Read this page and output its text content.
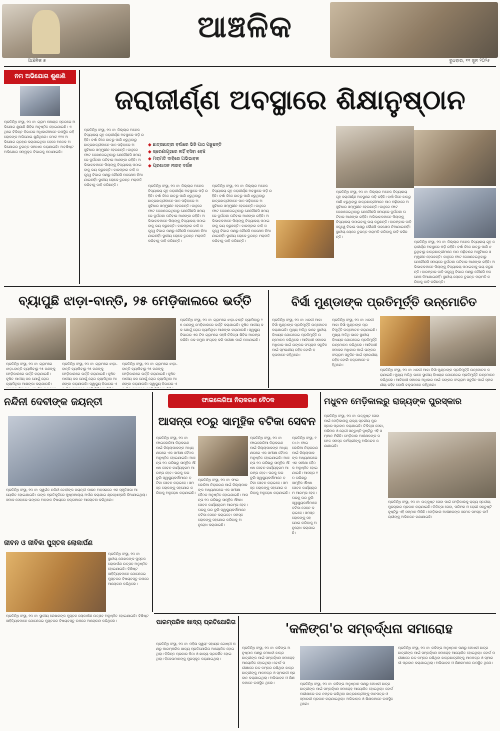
ଆଞ୍ଚଳିକ
ଆଞ୍ଚଳିକ ୭	ବୁଧବାର, ୧୧ ଜୁନ ୨୦୨୫
ନମ ଅଭିଯୋଗ ଶୁଣାଣି
ପ୍ରତିନିଧି ସଂସ୍ଥା, ୧୦।୬: ଗ୍ରାମ ପଞ୍ଚାୟତ ସ୍ତରରେ ଅଭିଯୋଗ ଶୁଣାଣି ଶିବିର ଅନୁଷ୍ଠିତ ହୋଇଯାଇଛି। ଏଥିରେ ବିଭିନ୍ନ ବିଭାଗର ଅଧିକାରୀମାନେ ଉପସ୍ଥିତ ରହି ଲୋକଙ୍କ ଅଭିଯୋଗ ଶୁଣିଥିଲେ। ମୋଟ ୧୧୭ ଅଭିଯୋଗ ଗ୍ରହଣ କରାଯାଇଥିବା ବେଳେ ଅନେକ ଅଭିଯୋଗର ତୁରନ୍ତ ସମାଧାନ କରାଯାଇଛି। ଅବଶିଷ୍ଟ ଅଭିଯୋଗ ସମ୍ପୃକ୍ତ ବିଭାଗକୁ ପଠାଯାଇଛି।
ଜରାଜୀର୍ଣ୍ଣ ଅବସ୍ଥାରେ ଶିକ୍ଷାନୁଷ୍ଠାନ
ପ୍ରତିନିଧି ସଂସ୍ଥା, ୧୦।୬: ଜିଲ୍ଲାର ଅନେକ ବିଦ୍ୟାଳୟ ଗୃହ ଜରାଜୀର୍ଣ୍ଣ ଅବସ୍ଥାରେ ପଡ଼ି ରହିଛି। ବର୍ଷା ଦିନେ ଛାତରୁ ପାଣି ଝରୁଥିବାରୁ ଛାତ୍ରଛାତ୍ରୀମାନେ ପାଠ ପଢ଼ିବାରେ ଅସୁବିଧାର ସମ୍ମୁଖୀନ ହେଉଛନ୍ତି। କାନ୍ଥରେ ଫାଟ ଦେଖାଦେଇଥିବାରୁ ଯେକୌଣସି ସମୟରେ ଦୁର୍ଘଟଣା ଘଟିବାର ଆଶଙ୍କା ରହିଛି। ଅଭିଭାବକମାନେ ପିଲାଙ୍କୁ ବିଦ୍ୟାଳୟ ପଠାଇବାକୁ ଭୟ କରୁଛନ୍ତି। ବାରମ୍ବାର ଦାବି ସତ୍ତ୍ୱେ ବିଭାଗ ପକ୍ଷରୁ କୌଣସି ପଦକ୍ଷେପ ନିଆଯାଇନାହିଁ। ସ୍ଥାନୀୟ ଲୋକେ ତୁରନ୍ତ ମରାମତି କରିବାକୁ ଦାବି କରିଛନ୍ତି।
◆ ଛାତ୍ରଛାତ୍ରୀ ବର୍ଷାରେ ଭିଜି ପାଠ ପଢୁଛନ୍ତି
◆ ଶ୍ରେଣୀଗୃହରେ ନାହିଁ ବସିବା ବେଞ୍ଚ
◆ ମରାମତି ଦାବିରେ ଅଭିଭାବକ
◆ ପ୍ରଶାସନ ନୀରବ ଦର୍ଶକ
ପ୍ରତିନିଧି ସଂସ୍ଥା, ୧୦।୬: ଜିଲ୍ଲାର ଅନେକ ବିଦ୍ୟାଳୟ ଗୃହ ଜରାଜୀର୍ଣ୍ଣ ଅବସ୍ଥାରେ ପଡ଼ି ରହିଛି। ବର୍ଷା ଦିନେ ଛାତରୁ ପାଣି ଝରୁଥିବାରୁ ଛାତ୍ରଛାତ୍ରୀମାନେ ପାଠ ପଢ଼ିବାରେ ଅସୁବିଧାର ସମ୍ମୁଖୀନ ହେଉଛନ୍ତି। କାନ୍ଥରେ ଫାଟ ଦେଖାଦେଇଥିବାରୁ ଯେକୌଣସି ସମୟରେ ଦୁର୍ଘଟଣା ଘଟିବାର ଆଶଙ୍କା ରହିଛି। ଅଭିଭାବକମାନେ ପିଲାଙ୍କୁ ବିଦ୍ୟାଳୟ ପଠାଇବାକୁ ଭୟ କରୁଛନ୍ତି। ବାରମ୍ବାର ଦାବି ସତ୍ତ୍ୱେ ବିଭାଗ ପକ୍ଷରୁ କୌଣସି ପଦକ୍ଷେପ ନିଆଯାଇନାହିଁ। ସ୍ଥାନୀୟ ଲୋକେ ତୁରନ୍ତ ମରାମତି କରିବାକୁ ଦାବି କରିଛନ୍ତି।
ପ୍ରତିନିଧି ସଂସ୍ଥା, ୧୦।୬: ଜିଲ୍ଲାର ଅନେକ ବିଦ୍ୟାଳୟ ଗୃହ ଜରାଜୀର୍ଣ୍ଣ ଅବସ୍ଥାରେ ପଡ଼ି ରହିଛି। ବର୍ଷା ଦିନେ ଛାତରୁ ପାଣି ଝରୁଥିବାରୁ ଛାତ୍ରଛାତ୍ରୀମାନେ ପାଠ ପଢ଼ିବାରେ ଅସୁବିଧାର ସମ୍ମୁଖୀନ ହେଉଛନ୍ତି। କାନ୍ଥରେ ଫାଟ ଦେଖାଦେଇଥିବାରୁ ଯେକୌଣସି ସମୟରେ ଦୁର୍ଘଟଣା ଘଟିବାର ଆଶଙ୍କା ରହିଛି। ଅଭିଭାବକମାନେ ପିଲାଙ୍କୁ ବିଦ୍ୟାଳୟ ପଠାଇବାକୁ ଭୟ କରୁଛନ୍ତି। ବାରମ୍ବାର ଦାବି ସତ୍ତ୍ୱେ ବିଭାଗ ପକ୍ଷରୁ କୌଣସି ପଦକ୍ଷେପ ନିଆଯାଇନାହିଁ। ସ୍ଥାନୀୟ ଲୋକେ ତୁରନ୍ତ ମରାମତି କରିବାକୁ ଦାବି କରିଛନ୍ତି।
ପ୍ରତିନିଧି ସଂସ୍ଥା, ୧୦।୬: ଜିଲ୍ଲାର ଅନେକ ବିଦ୍ୟାଳୟ ଗୃହ ଜରାଜୀର୍ଣ୍ଣ ଅବସ୍ଥାରେ ପଡ଼ି ରହିଛି। ବର୍ଷା ଦିନେ ଛାତରୁ ପାଣି ଝରୁଥିବାରୁ ଛାତ୍ରଛାତ୍ରୀମାନେ ପାଠ ପଢ଼ିବାରେ ଅସୁବିଧାର ସମ୍ମୁଖୀନ ହେଉଛନ୍ତି। କାନ୍ଥରେ ଫାଟ ଦେଖାଦେଇଥିବାରୁ ଯେକୌଣସି ସମୟରେ ଦୁର୍ଘଟଣା ଘଟିବାର ଆଶଙ୍କା ରହିଛି। ଅଭିଭାବକମାନେ ପିଲାଙ୍କୁ ବିଦ୍ୟାଳୟ ପଠାଇବାକୁ ଭୟ କରୁଛନ୍ତି। ବାରମ୍ବାର ଦାବି ସତ୍ତ୍ୱେ ବିଭାଗ ପକ୍ଷରୁ କୌଣସି ପଦକ୍ଷେପ ନିଆଯାଇନାହିଁ। ସ୍ଥାନୀୟ ଲୋକେ ତୁରନ୍ତ ମରାମତି କରିବାକୁ ଦାବି କରିଛନ୍ତି।
ପ୍ରତିନିଧି ସଂସ୍ଥା, ୧୦।୬: ଜିଲ୍ଲାର ଅନେକ ବିଦ୍ୟାଳୟ ଗୃହ ଜରାଜୀର୍ଣ୍ଣ ଅବସ୍ଥାରେ ପଡ଼ି ରହିଛି। ବର୍ଷା ଦିନେ ଛାତରୁ ପାଣି ଝରୁଥିବାରୁ ଛାତ୍ରଛାତ୍ରୀମାନେ ପାଠ ପଢ଼ିବାରେ ଅସୁବିଧାର ସମ୍ମୁଖୀନ ହେଉଛନ୍ତି। କାନ୍ଥରେ ଫାଟ ଦେଖାଦେଇଥିବାରୁ ଯେକୌଣସି ସମୟରେ ଦୁର୍ଘଟଣା ଘଟିବାର ଆଶଙ୍କା ରହିଛି। ଅଭିଭାବକମାନେ ପିଲାଙ୍କୁ ବିଦ୍ୟାଳୟ ପଠାଇବାକୁ ଭୟ କରୁଛନ୍ତି। ବାରମ୍ବାର ଦାବି ସତ୍ତ୍ୱେ ବିଭାଗ ପକ୍ଷରୁ କୌଣସି ପଦକ୍ଷେପ ନିଆଯାଇନାହିଁ। ସ୍ଥାନୀୟ ଲୋକେ ତୁରନ୍ତ ମରାମତି କରିବାକୁ ଦାବି କରିଛନ୍ତି।
ବ୍ୟାପୁଛି ଝାଡ଼ା-ବାନ୍ତି, ୨୫ ମେଡ଼ିକାଲରେ ଭର୍ତ୍ତି
ପ୍ରତିନିଧି ସଂସ୍ଥା, ୧୦।୬: ଗ୍ରାମରେ ଝାଡ଼ା-ବାନ୍ତି ବ୍ୟାପିବାରୁ ୨୫ ଜଣଙ୍କୁ ମେଡ଼ିକାଲରେ ଭର୍ତ୍ତି କରାଯାଇଛି। ଦୂଷିତ ପାନୀୟ ଜଳ ଯୋଗୁଁ ରୋଗ ବ୍ୟାପିଥିବା ଆଶଙ୍କା କରାଯାଉଛି।
ପ୍ରତିନିଧି ସଂସ୍ଥା, ୧୦।୬: ଗ୍ରାମରେ ଝାଡ଼ା-ବାନ୍ତି ବ୍ୟାପିବାରୁ ୨୫ ଜଣଙ୍କୁ ମେଡ଼ିକାଲରେ ଭର୍ତ୍ତି କରାଯାଇଛି। ଦୂଷିତ ପାନୀୟ ଜଳ ଯୋଗୁଁ ରୋଗ ବ୍ୟାପିଥିବା ଆଶଙ୍କା କରାଯାଉଛି। ସ୍ୱାସ୍ଥ୍ୟ ବିଭାଗର ଏ
ପ୍ରତିନିଧି ସଂସ୍ଥା, ୧୦।୬: ଗ୍ରାମରେ ଝାଡ଼ା-ବାନ୍ତି ବ୍ୟାପିବାରୁ ୨୫ ଜଣଙ୍କୁ ମେଡ଼ିକାଲରେ ଭର୍ତ୍ତି କରାଯାଇଛି। ଦୂଷିତ ପାନୀୟ ଜଳ ଯୋଗୁଁ ରୋଗ ବ୍ୟାପିଥିବା ଆଶଙ୍କା କରାଯାଉଛି। ସ୍ୱାସ୍ଥ୍ୟ ବିଭାଗର ଏ
ପ୍ରତିନିଧି ସଂସ୍ଥା, ୧୦।୬: ଗ୍ରାମରେ ଝାଡ଼ା-ବାନ୍ତି ବ୍ୟାପିବାରୁ ୨୫ ଜଣଙ୍କୁ ମେଡ଼ିକାଲରେ ଭର୍ତ୍ତି କରାଯାଇଛି। ଦୂଷିତ ପାନୀୟ ଜଳ ଯୋଗୁଁ ରୋଗ ବ୍ୟାପିଥିବା ଆଶଙ୍କା କରାଯାଉଛି। ସ୍ୱାସ୍ଥ୍ୟ ବିଭାଗର ଏକ ଟିମ ଗ୍ରାମରେ ପହଞ୍ଚି ଚିକିତ୍ସା ଶିବିର ଆରମ୍ଭ କରିଛି। ଜଳ ନମୁନା ସଂଗ୍ରହ କରି ପରୀକ୍ଷା ପାଇଁ ପଠାଯାଇଛି।
ବିର୍ସା ମୁଣ୍ଡାଙ୍କ ପ୍ରତିମୂର୍ତ୍ତି ଉନ୍ମୋଚିତ
ପ୍ରତିନିଧି ସଂସ୍ଥା, ୧୦।୬: ଧରତୀ ଆବା ବିର୍ସା ମୁଣ୍ଡାଙ୍କ ପ୍ରତିମୂର୍ତ୍ତି ଉନ୍ମୋଚନ କରାଯାଇଛି। ମୁଖ୍ୟ ଅତିଥି ଭାବେ ସ୍ଥାନୀୟ ବିଧାୟକ ଯୋଗଦେଇ ପ୍ରତିମୂର୍ତ୍ତି ଉନ୍ମୋଚନ କରିଥିଲେ। ଆଦିବାସୀ ସମାଜର ଅଧିକାର ପାଇଁ ତାଙ୍କର ସଂଗ୍ରାମ ସବୁଦିନ ପାଇଁ ସ୍ମରଣୀୟ ରହିବ ବୋଲି ବକ୍ତାମାନେ କହିଥିଲେ।
ପ୍ରତିନିଧି ସଂସ୍ଥା, ୧୦।୬: ଧରତୀ ଆବା ବିର୍ସା ମୁଣ୍ଡାଙ୍କ ପ୍ରତିମୂର୍ତ୍ତି ଉନ୍ମୋଚନ କରାଯାଇଛି। ମୁଖ୍ୟ ଅତିଥି ଭାବେ ସ୍ଥାନୀୟ ବିଧାୟକ ଯୋଗଦେଇ ପ୍ରତିମୂର୍ତ୍ତି ଉନ୍ମୋଚନ କରିଥିଲେ। ଆଦିବାସୀ ସମାଜର ଅଧିକାର ପାଇଁ ତାଙ୍କର ସଂଗ୍ରାମ ସବୁଦିନ ପାଇଁ ସ୍ମରଣୀୟ ରହିବ ବୋଲି ବକ୍ତାମାନେ କହିଥିଲେ।
ପ୍ରତିନିଧି ସଂସ୍ଥା, ୧୦।୬: ଧରତୀ ଆବା ବିର୍ସା ମୁଣ୍ଡାଙ୍କ ପ୍ରତିମୂର୍ତ୍ତି ଉନ୍ମୋଚନ କରାଯାଇଛି। ମୁଖ୍ୟ ଅତିଥି ଭାବେ ସ୍ଥାନୀୟ ବିଧାୟକ ଯୋଗଦେଇ ପ୍ରତିମୂର୍ତ୍ତି ଉନ୍ମୋଚନ କରିଥିଲେ। ଆଦିବାସୀ ସମାଜର ଅଧିକାର ପାଇଁ ତାଙ୍କର ସଂଗ୍ରାମ ସବୁଦିନ ପାଇଁ ସ୍ମରଣୀୟ ରହିବ ବୋଲି ବକ୍ତାମାନେ କହିଥିଲେ।
ନନ୍ଦିନୀ ଦେବୀଙ୍କ ଜୟନ୍ତୀ
ପ୍ରତିନିଧି ସଂସ୍ଥା, ୧୦।୬: ସ୍ୱର୍ଗତ ନନ୍ଦିନୀ ଦେବୀଙ୍କ ଜୟନ୍ତୀ ପାଳନ ଅବସରରେ ଏକ ସ୍ମୃତିସଭା ଆୟୋଜିତ ହୋଇଯାଇଛି। ତାଙ୍କ ପ୍ରତିକୃତିରେ ପୁଷ୍ପମାଲ୍ୟ ଅର୍ପଣ କରାଯାଇ ଶ୍ରଦ୍ଧାଞ୍ଜଳି ଦିଆଯାଇଥିଲା। ସମାଜ ସେବାରେ ତାଙ୍କର ଅବଦାନ ବିଷୟରେ ବକ୍ତାମାନେ ଆଲୋଚନା କରିଥିଲେ।
ଫାଇଲେରିଆ ନିରାକରଣ ବୈଠକ
ଆସନ୍ତା ୧୦ରୁ ସାମୂହିକ ବଟିକା ସେବନ
ପ୍ରତିନିଧି ସଂସ୍ଥା, ୧୦।୬: ଫାଇଲେରିଆ ନିରାକରଣ ପାଇଁ ଜିଲ୍ଲାପାଳଙ୍କ ଅଧ୍ୟକ୍ଷତାରେ ଏକ ସମୀକ୍ଷା ବୈଠକ ଅନୁଷ୍ଠିତ ହୋଇଯାଇଛି। ଆସନ୍ତା ୧୦ ତାରିଖରୁ ସାମୂହିକ ଔଷଧ ସେବନ କାର୍ଯ୍ୟକ୍ରମ ଆରମ୍ଭ ହେବ। ଘରକୁ ଘର ବୁଲି ସ୍ୱାସ୍ଥ୍ୟକର୍ମୀମାନେ ବଟିକା ସେବନ କରାଇବେ। ସମସ୍ତ ଲୋକଙ୍କୁ ସହଯୋଗ କରିବାକୁ ଅନୁରୋଧ କରାଯାଇଛି।
ପ୍ରତିନିଧି ସଂସ୍ଥା, ୧୦।୬: ଫାଇଲେରିଆ ନିରାକରଣ ପାଇଁ ଜିଲ୍ଲାପାଳଙ୍କ ଅଧ୍ୟକ୍ଷତାରେ ଏକ ସମୀକ୍ଷା ବୈଠକ ଅନୁଷ୍ଠିତ ହୋଇଯାଇଛି। ଆସନ୍ତା ୧୦ ତାରିଖରୁ ସାମୂହିକ ଔଷଧ ସେବନ କାର୍ଯ୍ୟକ୍ରମ ଆରମ୍ଭ ହେବ। ଘରକୁ ଘର ବୁଲି ସ୍ୱାସ୍ଥ୍ୟକର୍ମୀମାନେ ବଟିକା ସେବନ କରାଇବେ। ସମସ୍ତ ଲୋକଙ୍କୁ ସହଯୋଗ କରିବାକୁ ଅନୁରୋଧ କରାଯାଇଛି।
ପ୍ରତିନିଧି ସଂସ୍ଥା, ୧୦।୬: ଫାଇଲେରିଆ ନିରାକରଣ ପାଇଁ ଜିଲ୍ଲାପାଳଙ୍କ ଅଧ୍ୟକ୍ଷତାରେ ଏକ ସମୀକ୍ଷା ବୈଠକ ଅନୁଷ୍ଠିତ ହୋଇଯାଇଛି। ଆସନ୍ତା ୧୦ ତାରିଖରୁ ସାମୂହିକ ଔଷଧ ସେବନ କାର୍ଯ୍ୟକ୍ରମ ଆରମ୍ଭ ହେବ। ଘରକୁ ଘର ବୁଲି ସ୍ୱାସ୍ଥ୍ୟକର୍ମୀମାନେ ବଟିକା ସେବନ କରାଇବେ। ସମସ୍ତ ଲୋକଙ୍କୁ ସହଯୋଗ କରିବାକୁ ଅନୁରୋଧ କରାଯାଇଛି।
ପ୍ରତିନିଧି ସଂସ୍ଥା, ୧୦।୬: ଫାଇଲେରିଆ ନିରାକରଣ ପାଇଁ ଜିଲ୍ଲାପାଳଙ୍କ ଅଧ୍ୟକ୍ଷତାରେ ଏକ ସମୀକ୍ଷା ବୈଠକ ଅନୁଷ୍ଠିତ ହୋଇଯାଇଛି। ଆସନ୍ତା ୧୦ ତାରିଖରୁ ସାମୂହିକ ଔଷଧ ସେବନ କାର୍ଯ୍ୟକ୍ରମ ଆରମ୍ଭ ହେବ। ଘରକୁ ଘର ବୁଲି ସ୍ୱାସ୍ଥ୍ୟକର୍ମୀମାନେ ବଟିକା ସେବନ କରାଇବେ। ସମସ୍ତ ଲୋକଙ୍କୁ ସହଯୋଗ କରିବାକୁ ଅନୁରୋଧ କରାଯାଇଛି।
ମଧୁବନ ମେଡ଼ିକାଲରୁ ରାଜ୍ୟଙ୍କ ପୁରସ୍କାର
ପ୍ରତିନିଧି ସଂସ୍ଥା, ୧୦।୬: ଉତ୍କୃଷ୍ଟ ସେବା ପାଇଁ ମେଡ଼ିକାଲକୁ ରାଜ୍ୟ ସ୍ତରୀୟ ପୁରସ୍କାର ପ୍ରଦାନ କରାଯାଇଛି। ଚିକିତ୍ସା ସେବା, ପରିମଳ ଓ ରୋଗୀ ସନ୍ତୁଷ୍ଟି ଦୃଷ୍ଟିରୁ ଏହି ସମ୍ମାନ ମିଳିଛି। ମେଡ଼ିକାଲ ଅଧୀକ୍ଷକଙ୍କ ସମେତ ସମସ୍ତ କର୍ମଚାରୀଙ୍କୁ ଅଭିନନ୍ଦନ ଜଣାଯାଇଛି।
ପ୍ରତିନିଧି ସଂସ୍ଥା, ୧୦।୬: ଉତ୍କୃଷ୍ଟ ସେବା ପାଇଁ ମେଡ଼ିକାଲକୁ ରାଜ୍ୟ ସ୍ତରୀୟ ପୁରସ୍କାର ପ୍ରଦାନ କରାଯାଇଛି। ଚିକିତ୍ସା ସେବା, ପରିମଳ ଓ ରୋଗୀ ସନ୍ତୁଷ୍ଟି ଦୃଷ୍ଟିରୁ ଏହି ସମ୍ମାନ ମିଳିଛି। ମେଡ଼ିକାଲ ଅଧୀକ୍ଷକଙ୍କ ସମେତ ସମସ୍ତ କର୍ମଚାରୀଙ୍କୁ ଅଭିନନ୍ଦନ ଜଣାଯାଇଛି।
ଜୀବନ ଓ ଜୀବିକା ପୁସ୍ତକ ଲୋକାର୍ପଣ
ପ୍ରତିନିଧି ସଂସ୍ଥା, ୧୦।୬: ସ୍ଥାନୀୟ ଲେଖକଙ୍କ ପୁସ୍ତକ ଲୋକାର୍ପଣ ଉତ୍ସବ ଅନୁଷ୍ଠିତ ହୋଇଯାଇଛି। ବିଶିଷ୍ଟ ସାହିତ୍ୟିକମାନେ ଯୋଗଦେଇ ପୁସ୍ତକର ବିଷୟବସ୍ତୁ ଉପରେ ଆଲୋଚନା କରିଥିଲେ।
ପ୍ରତିନିଧି ସଂସ୍ଥା, ୧୦।୬: ସ୍ଥାନୀୟ ଲେଖକଙ୍କ ପୁସ୍ତକ ଲୋକାର୍ପଣ ଉତ୍ସବ ଅନୁଷ୍ଠିତ ହୋଇଯାଇଛି। ବିଶିଷ୍ଟ ସାହିତ୍ୟିକମାନେ ଯୋଗଦେଇ ପୁସ୍ତକର ବିଷୟବସ୍ତୁ ଉପରେ ଆଲୋଚନା କରିଥିଲେ।	ପାରମ୍ପରିକ ଖାଦ୍ୟ ପ୍ରତିଯୋଗିତା
ପ୍ରତିନିଧି ସଂସ୍ଥା, ୧୦।୬: ମହିଳା ସ୍ୱୟଂ ସହାୟକ ଗୋଷ୍ଠୀ ପକ୍ଷରୁ ପାରମ୍ପରିକ ଖାଦ୍ୟ ପ୍ରତିଯୋଗିତା ଆୟୋଜିତ ହୋଇଥିଲା। ବିଭିନ୍ନ ପ୍ରକାର ପିଠା ଓ ଖାଦ୍ୟ ପ୍ରଦର୍ଶିତ ହୋଇଥିଲା। ବିଜେତାମାନଙ୍କୁ ପୁରସ୍କୃତ କରାଯାଇଥିଲା।
'କଳିଙ୍ଗ'ର ସମ୍ବର୍ଦ୍ଧନା ସମାରୋହ
ପ୍ରତିନିଧି ସଂସ୍ଥା, ୧୦।୬: କଳିଙ୍ଗ ଅନୁଷ୍ଠାନ ପକ୍ଷରୁ ମେଧାବୀ ଛାତ୍ରଛାତ୍ରୀଙ୍କ ପାଇଁ ସମ୍ବର୍ଦ୍ଧନା ସମାରୋହ ଆୟୋଜିତ ହୋଇଥିଲା। ବୋର୍ଡ ପରୀକ୍ଷାରେ ଉଚ୍ଚ ନମ୍ବର ରଖିଥିବା ଛାତ୍ରଛାତ୍ରୀଙ୍କୁ ମାନପତ୍ର ଓ ସ୍ମାରକୀ ପ୍ରଦାନ କରାଯାଇଥିଲା। ଅଭିଭାବକ ଓ ଶିକ୍ଷକମାନେ ଉପସ୍ଥିତ ଥିଲେ।	ପ୍ରତିନିଧି ସଂସ୍ଥା, ୧୦।୬: କଳିଙ୍ଗ ଅନୁଷ୍ଠାନ ପକ୍ଷରୁ ମେଧାବୀ ଛାତ୍ରଛାତ୍ରୀଙ୍କ ପାଇଁ ସମ୍ବର୍ଦ୍ଧନା ସମାରୋହ ଆୟୋଜିତ ହୋଇଥିଲା। ବୋର୍ଡ ପରୀକ୍ଷାରେ ଉଚ୍ଚ ନମ୍ବର ରଖିଥିବା ଛାତ୍ରଛାତ୍ରୀଙ୍କୁ ମାନପତ୍ର ଓ ସ୍ମାରକୀ ପ୍ରଦାନ କରାଯାଇଥିଲା। ଅଭିଭାବକ ଓ ଶିକ୍ଷକମାନେ ଉପସ୍ଥିତ ଥିଲେ।
ପ୍ରତିନିଧି ସଂସ୍ଥା, ୧୦।୬: କଳିଙ୍ଗ ଅନୁଷ୍ଠାନ ପକ୍ଷରୁ ମେଧାବୀ ଛାତ୍ରଛାତ୍ରୀଙ୍କ ପାଇଁ ସମ୍ବର୍ଦ୍ଧନା ସମାରୋହ ଆୟୋଜିତ ହୋଇଥିଲା। ବୋର୍ଡ ପରୀକ୍ଷାରେ ଉଚ୍ଚ ନମ୍ବର ରଖିଥିବା ଛାତ୍ରଛାତ୍ରୀଙ୍କୁ ମାନପତ୍ର ଓ ସ୍ମାରକୀ ପ୍ରଦାନ କରାଯାଇଥିଲା। ଅଭିଭାବକ ଓ ଶିକ୍ଷକମାନେ ଉପସ୍ଥିତ ଥିଲେ।
